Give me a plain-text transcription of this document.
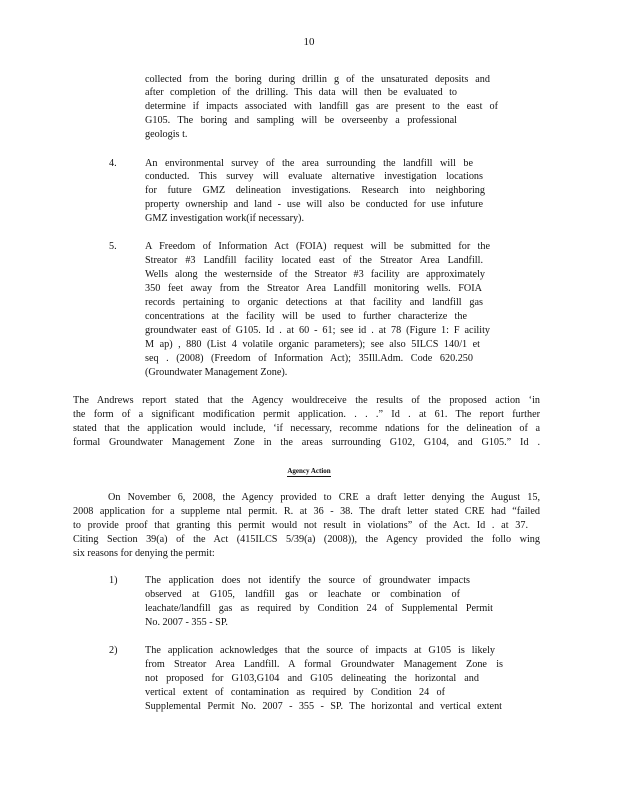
10
collected from the boring during drillin g of the unsaturated deposits and
after completion of the drilling. This data will then be evaluated to
determine if impacts associated with landfill gas are present to the east of
G105. The boring and sampling will be overseenby a professional
geologis t.
4.	An environmental survey of the area surrounding the landfill will be
conducted. This survey will evaluate alternative investigation locations
for future GMZ delineation investigations. Research into neighboring
property ownership and land - use will also be conducted for use infuture
GMZ investigation work(if necessary).
5.	A Freedom of Information Act (FOIA) request will be submitted for the
Streator #3 Landfill facility located east of the Streator Area Landfill.
Wells along the westernside of the Streator #3 facility are approximately
350 feet away from the Streator Area Landfill monitoring wells. FOIA
records pertaining to organic detections at that facility and landfill gas
concentrations at the facility will be used to further characterize the
groundwater east of G105. Id . at 60 - 61; see id . at 78 (Figure 1: F acility
M ap) , 880 (List 4 volatile organic parameters); see also 5ILCS 140/1 et
seq . (2008) (Freedom of Information Act); 35Ill.Adm. Code 620.250
(Groundwater Management Zone).
The Andrews report stated that the Agency wouldreceive the results of the proposed action ‘in
the form of a significant modification permit application. . . .” Id . at 61. The report further
stated that the application would include, ‘if necessary, recomme ndations for the delineation of a
formal Groundwater Management Zone in the areas surrounding G102, G104, and G105.” Id .
Agency Action
On November 6, 2008, the Agency provided to CRE a draft letter denying the August 15,
2008 application for a suppleme ntal permit. R. at 36 - 38. The draft letter stated CRE had “failed
to provide proof that granting this permit would not result in violations” of the Act. Id . at 37.
Citing Section 39(a) of the Act (415ILCS 5/39(a) (2008)), the Agency provided the follo wing
six reasons for denying the permit:
1)	The application does not identify the source of groundwater impacts
observed at G105, landfill gas or leachate or combination of
leachate/landfill gas as required by Condition 24 of Supplemental Permit
No. 2007 - 355 - SP.
2)	The application acknowledges that the source of impacts at G105 is likely
from Streator Area Landfill. A formal Groundwater Management Zone is
not proposed for G103,G104 and G105 delineating the horizontal and
vertical extent of contamination as required by Condition 24 of
Supplemental Permit No. 2007 - 355 - SP. The horizontal and vertical extent
